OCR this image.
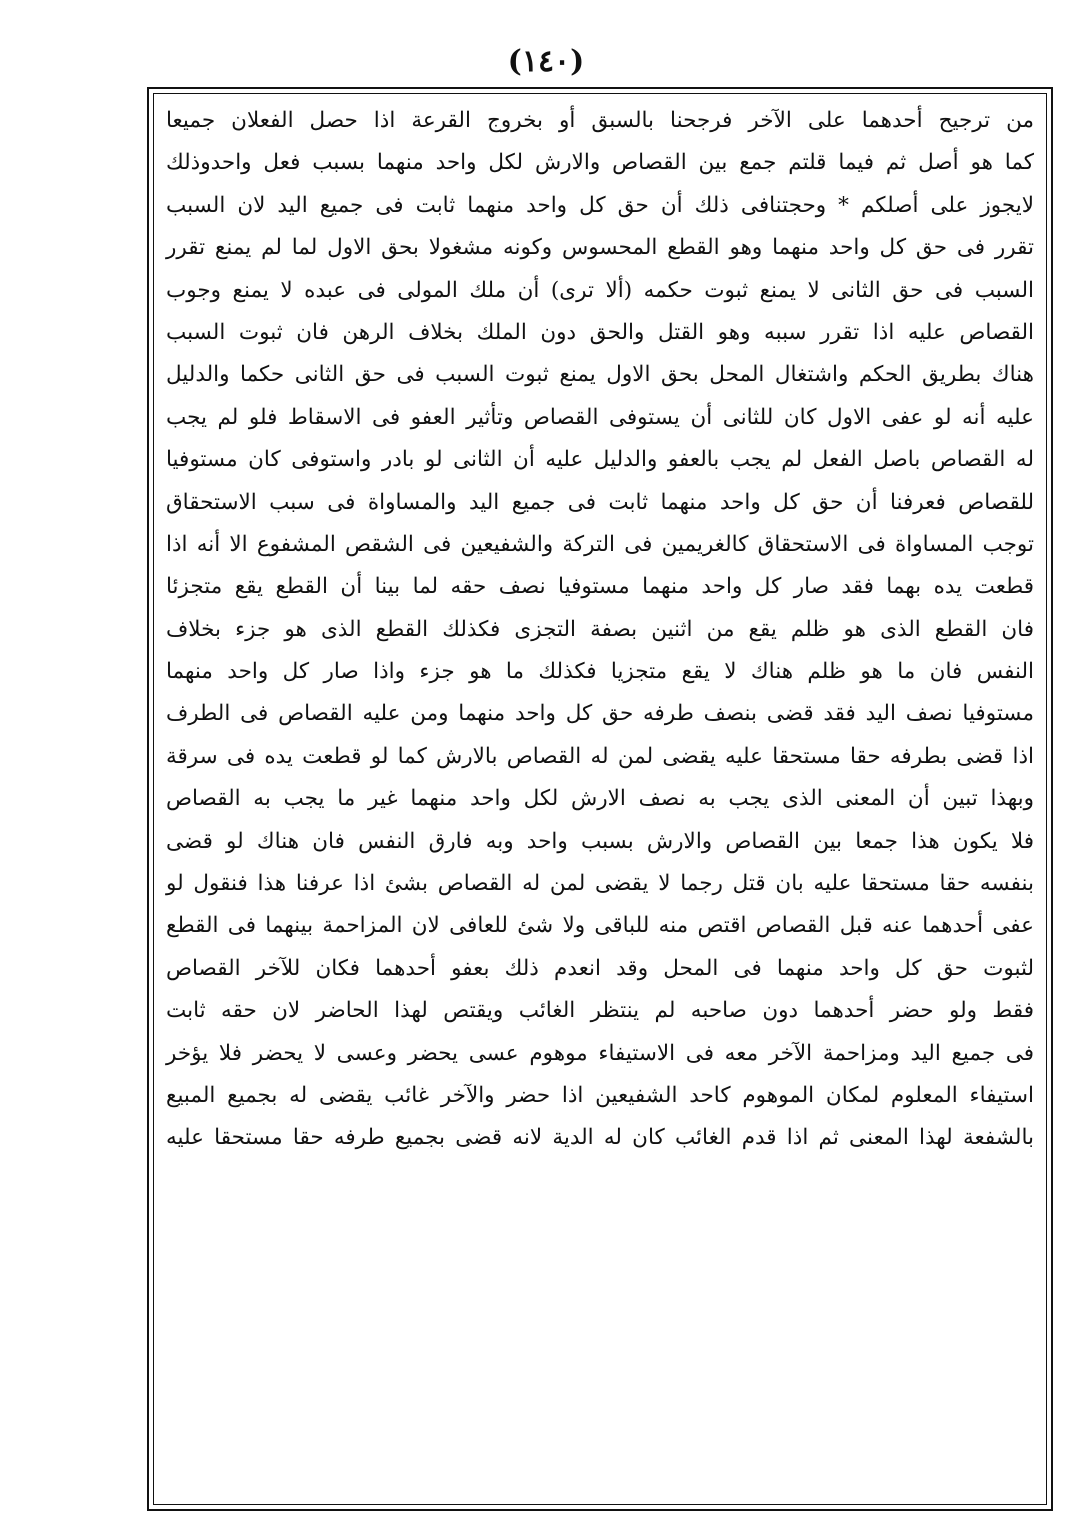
(١٤٠)
من ترجيح أحدهما على الآخر فرجحنا بالسبق أو بخروج القرعة اذا حصل الفعلان جميعا
كما هو أصل ثم فيما قلتم جمع بين القصاص والارش لكل واحد منهما بسبب فعل واحدوذلك
لايجوز على أصلكم * وحجتنافى ذلك أن حق كل واحد منهما ثابت فى جميع اليد لان السبب
تقرر فى حق كل واحد منهما وهو القطع المحسوس وكونه مشغولا بحق الاول لما لم يمنع تقرر
السبب فى حق الثانى لا يمنع ثبوت حكمه (ألا ترى) أن ملك المولى فى عبده لا يمنع وجوب
القصاص عليه اذا تقرر سببه وهو القتل والحق دون الملك بخلاف الرهن فان ثبوت السبب
هناك بطريق الحكم واشتغال المحل بحق الاول يمنع ثبوت السبب فى حق الثانى حكما والدليل
عليه أنه لو عفى الاول كان للثانى أن يستوفى القصاص وتأثير العفو فى الاسقاط فلو لم يجب
له القصاص باصل الفعل لم يجب بالعفو والدليل عليه أن الثانى لو بادر واستوفى كان مستوفيا
للقصاص فعرفنا أن حق كل واحد منهما ثابت فى جميع اليد والمساواة فى سبب الاستحقاق
توجب المساواة فى الاستحقاق كالغريمين فى التركة والشفيعين فى الشقص المشفوع الا أنه اذا
قطعت يده بهما فقد صار كل واحد منهما مستوفيا نصف حقه لما بينا أن القطع يقع متجزئا
فان القطع الذى هو ظلم يقع من اثنين بصفة التجزى فكذلك القطع الذى هو جزء بخلاف
النفس فان ما هو ظلم هناك لا يقع متجزيا فكذلك ما هو جزء واذا صار كل واحد منهما
مستوفيا نصف اليد فقد قضى بنصف طرفه حق كل واحد منهما ومن عليه القصاص فى الطرف
اذا قضى بطرفه حقا مستحقا عليه يقضى لمن له القصاص بالارش كما لو قطعت يده فى سرقة
وبهذا تبين أن المعنى الذى يجب به نصف الارش لكل واحد منهما غير ما يجب به القصاص
فلا يكون هذا جمعا بين القصاص والارش بسبب واحد وبه فارق النفس فان هناك لو قضى
بنفسه حقا مستحقا عليه بان قتل رجما لا يقضى لمن له القصاص بشئ اذا عرفنا هذا فنقول لو
عفى أحدهما عنه قبل القصاص اقتص منه للباقى ولا شئ للعافى لان المزاحمة بينهما فى القطع
لثبوت حق كل واحد منهما فى المحل وقد انعدم ذلك بعفو أحدهما فكان للآخر القصاص
فقط ولو حضر أحدهما دون صاحبه لم ينتظر الغائب ويقتص لهذا الحاضر لان حقه ثابت
فى جميع اليد ومزاحمة الآخر معه فى الاستيفاء موهوم عسى يحضر وعسى لا يحضر فلا يؤخر
استيفاء المعلوم لمكان الموهوم كاحد الشفيعين اذا حضر والآخر غائب يقضى له بجميع المبيع
بالشفعة لهذا المعنى ثم اذا قدم الغائب كان له الدية لانه قضى بجميع طرفه حقا مستحقا عليه
